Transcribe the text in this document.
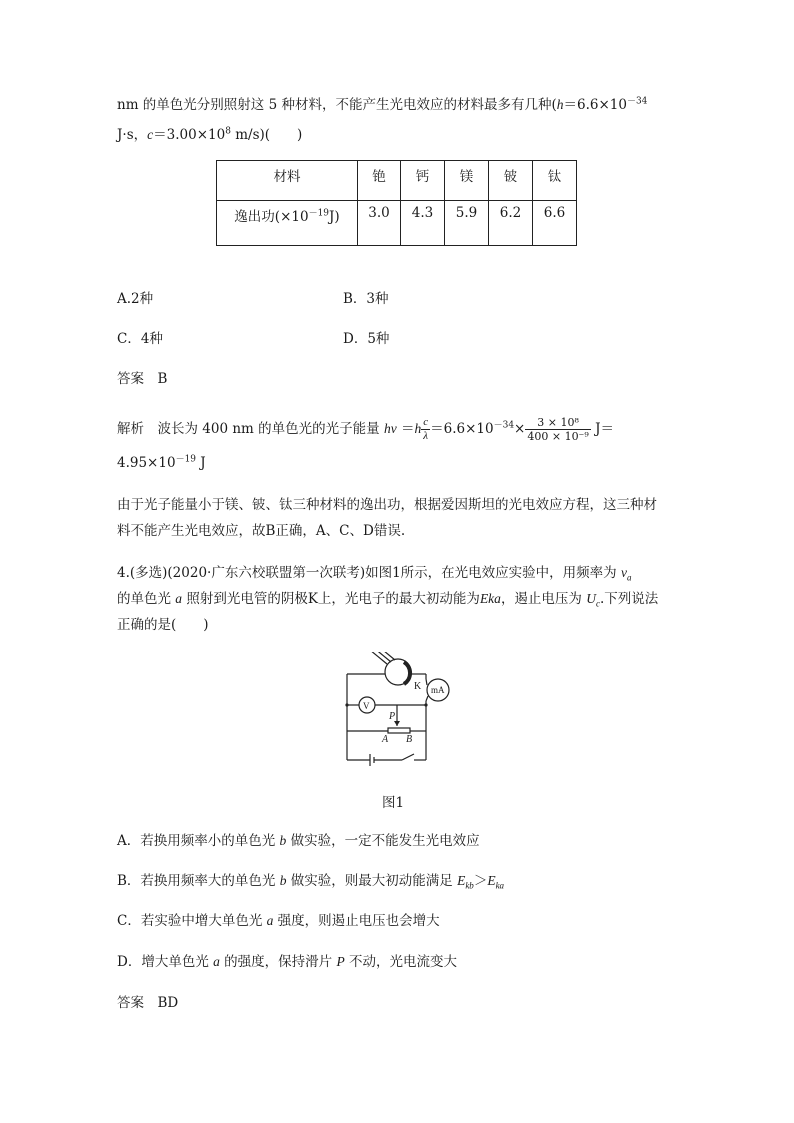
nm 的单色光分别照射这 5 种材料，不能产生光电效应的材料最多有几种($h=6.6\times 10^{-34}$
J·s，$c=3.00\times 10^8$ m/s)(　　)
材料	铯	钙	镁	铍	钛
逸出功$(\times 10^{-19}J)$	3.0	4.3	5.9	6.2	6.6
A.2种	B．3种
C．4种	D．5种
答案　B
解析　波长为 400 nm 的单色光的光子能量 $h\nu =h \frac{c}{\lambda} =6.6\times 10^{-34}\times \frac{\text{3 × 10⁸}}{\text{400 × 10⁻⁹}} J=$
$4.95\times 10^{-19}$ J
由于光子能量小于镁、铍、钛三种材料的逸出功，根据爱因斯坦的光电效应方程，这三种材
料不能产生光电效应，故B正确，A、C、D错误.
4.(多选)(2020·广东六校联盟第一次联考)如图1所示，在光电效应实验中，用频率为 $\nu_a$
的单色光 a 照射到光电管的阴极K上，光电子的最大初动能为Eka，遏止电压为 $U_c$.下列说法
正确的是(　　)
K mA
V
P
A B
图1
A．若换用频率小的单色光 b 做实验，一定不能发生光电效应
B．若换用频率大的单色光 b 做实验，则最大初动能满足 $E_{kb}>E_{ka}$
C．若实验中增大单色光 a 强度，则遏止电压也会增大
D．增大单色光 a 的强度，保持滑片 P 不动，光电流变大
答案　BD
